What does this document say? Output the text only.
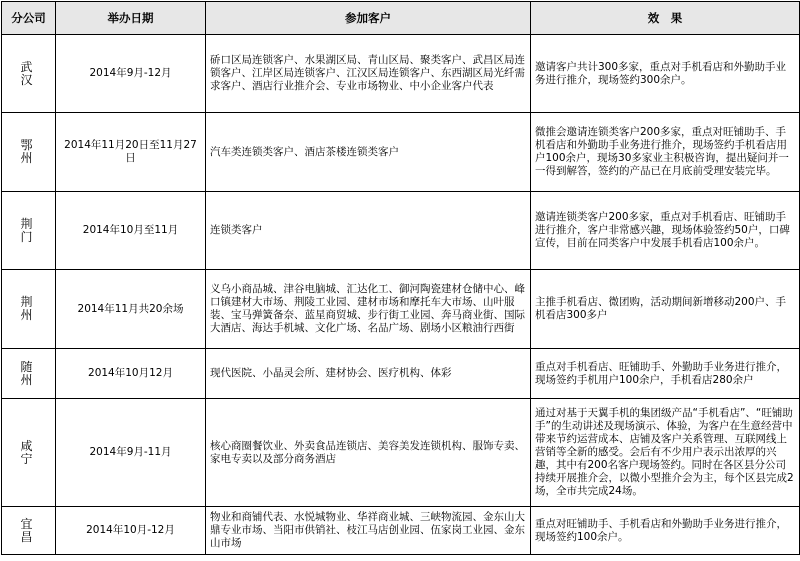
分公司	举办日期	参加客户	效　果
武 汉	2014年9月-12月	硚口区局连锁客户、水果湖区局、青山区局、聚类客户、武昌区局连锁客户、江岸区局连锁客户、江汉区局连锁客户、东西湖区局光纤需求客户、酒店行业推介会、专业市场物业、中小企业客户代表	邀请客户共计300多家，重点对手机看店和外勤助手业务进行推介，现场签约300余户。
鄂 州	2014年11月20日至11月27日	汽车类连锁类客户、酒店茶楼连锁类客户	微推会邀请连锁类客户200多家，重点对旺铺助手、手机看店和外勤助手业务进行推介，现场签约手机看店用户100余户，现场30多家业主积极咨询，提出疑问并一一得到解答，签约的产品已在月底前受理安装完毕。
荆 门	2014年10月至11月	连锁类客户	邀请连锁类客户200多家，重点对手机看店、旺铺助手进行推介，客户非常感兴趣，现场体验签约50户，口碑宣传，目前在同类客户中发展手机看店100余户。
荆 州	2014年11月共20余场	义乌小商品城、津谷电脑城、汇达化工、御河陶瓷建材仓储中心、峰口镇建材大市场、荆陵工业园、建材市场和摩托车大市场、山叶服装、宝马弹簧备奈、蓝星商贸城、步行街工业园、奔马商业街、国际大酒店、海达手机城、文化广场、名品广场、剧场小区粮油行西街	主推手机看店、微团购，活动期间新增移动200户、手机看店300多户
随 州	2014年10月12月	现代医院、小晶灵会所、建材协会、医疗机构、体彩	重点对手机看店、旺铺助手、外勤助手业务进行推介，现场签约手机用户100余户，手机看店280余户
咸 宁	2014年9月-11月	核心商圈餐饮业、外卖食品连锁店、美容美发连锁机构、服饰专卖、家电专卖以及部分商务酒店	通过对基于天翼手机的集团级产品“手机看店”、“旺铺助手”的生动讲述及现场演示、体验，为客户在生意经营中带来节约运营成本、店铺及客户关系管理、互联网线上营销等全新的感受。会后有不少用户表示出浓厚的兴趣，其中有200名客户现场签约。同时在各区县分公司持续开展推介会，以微小型推介会为主，每个区县完成2场，全市共完成24场。
宜 昌	2014年10月-12月	物业和商铺代表、水悦城物业、华祥商业城、三峡物流园、金东山大鼎专业市场、当阳市供销社、枝江马店创业园、伍家岗工业园、金东山市场	重点对旺铺助手、手机看店和外勤助手业务进行推介，现场签约100余户。
